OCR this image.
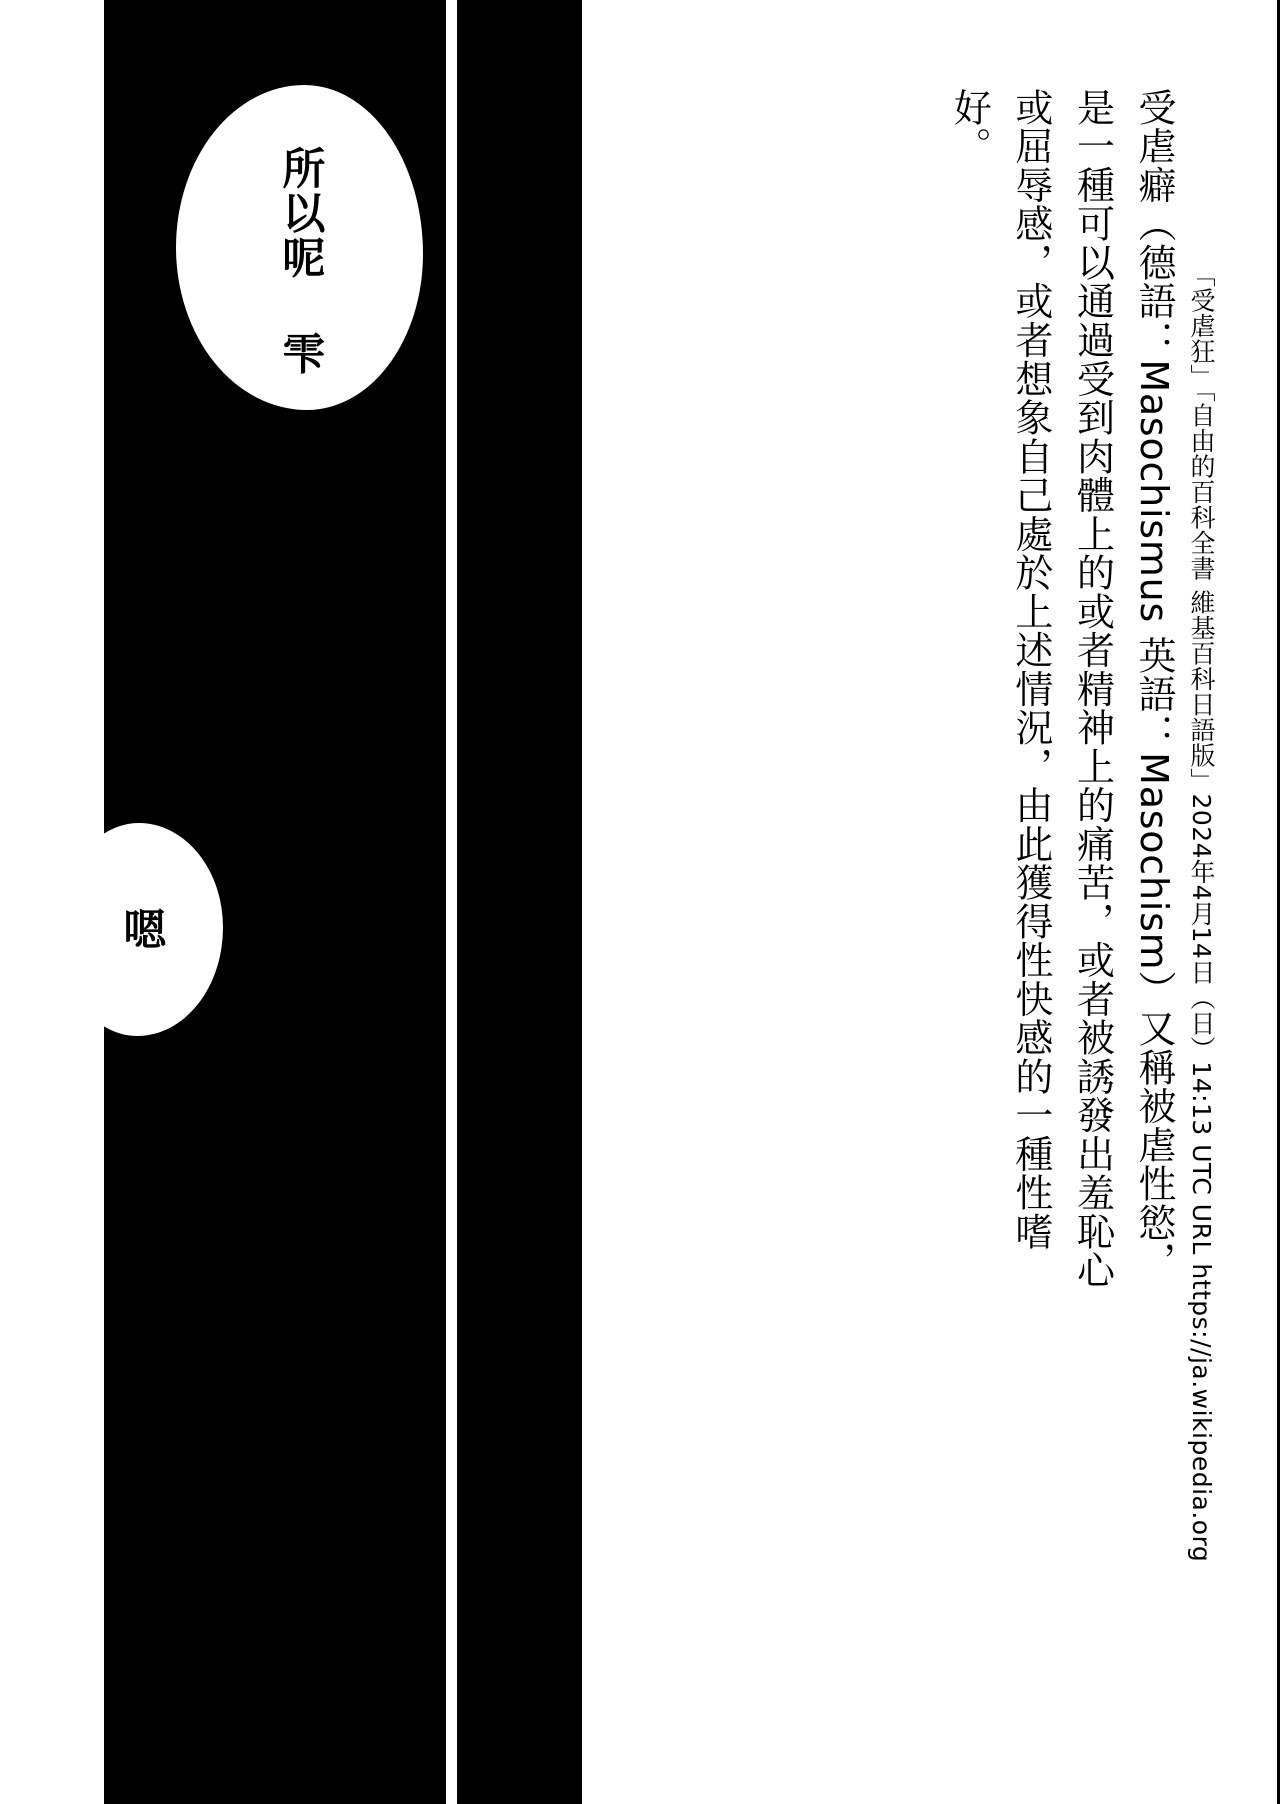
所以呢 雫
嗯	受虐癖（德語：Masochismus 英語：Masochism）又稱被虐性慾，是一種可以通過受到肉體上的或者精神上的痛苦，或者被誘發出羞恥心或屈辱感，或者想象自己處於上述情況，由此獲得性快感的一種性嗜好。
「受虐狂」「自由的百科全書 維基百科日語版」2024年4月14日（日）14:13 UTC URL https://ja.wikipedia.org
